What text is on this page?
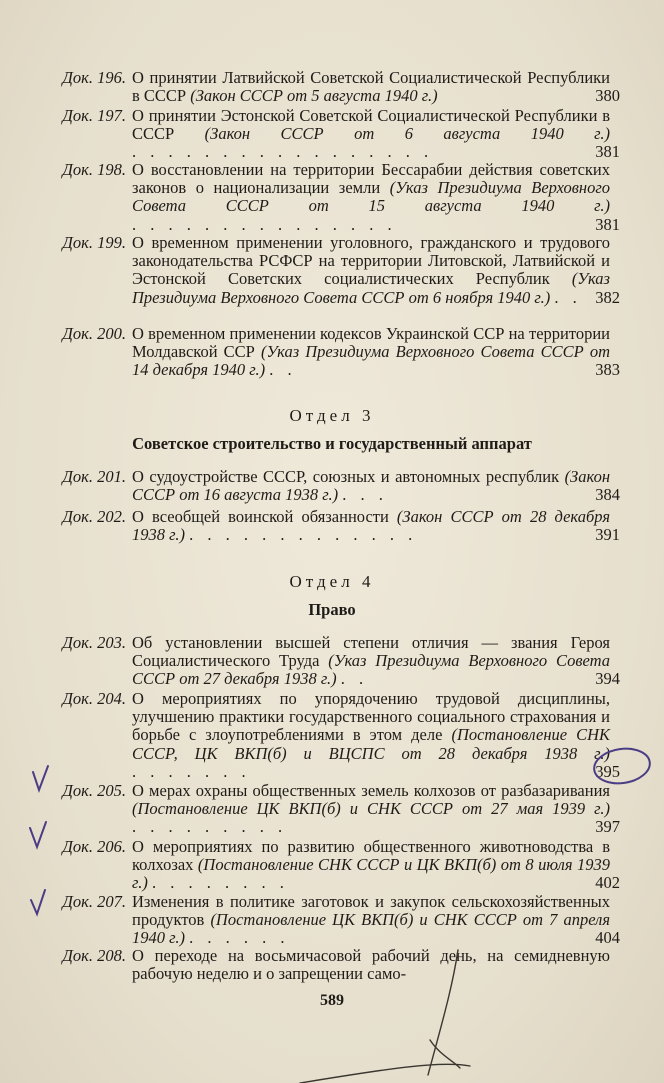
Док. 196. О принятии Латвийской Советской Социалистической Республики в СССР (Закон СССР от 5 августа 1940 г.)	380
Док. 197. О принятии Эстонской Советской Социалистической Республики в СССР (Закон СССР от 6 августа 1940 г.) . . . . . . . . . . . . . . . . .	381
Док. 198. О восстановлении на территории Бессарабии действия советских законов о национализации земли (Указ Президиума Верховного Совета СССР от 15 августа 1940 г.) . . . . . . . . . . . . . . .	381
Док. 199. О временном применении уголовного, гражданского и трудового законодательства РСФСР на территории Литовской, Латвийской и Эстонской Советских социалистических Республик (Указ Президиума Верховного Совета СССР от 6 ноября 1940 г.) . . 382
Док. 200. О временном применении кодексов Украинской ССР на территории Молдавской ССР (Указ Президиума Верховного Совета СССР от 14 декабря 1940 г.) . .	383
Отдел 3
Советское строительство и государственный аппарат
Док. 201. О судоустройстве СССР, союзных и автономных республик (Закон СССР от 16 августа 1938 г.) . . .	384
Док. 202. О всеобщей воинской обязанности (Закон СССР от 28 декабря 1938 г.) . . . . . . . . . . . . .	391
Отдел 4
Право
Док. 203. Об установлении высшей степени отличия — звания Героя Социалистического Труда (Указ Президиума Верховного Совета СССР от 27 декабря 1938 г.) . .	394
Док. 204. О мероприятиях по упорядочению трудовой дисциплины, улучшению практики государственного социального страхования и борьбе с злоупотреблениями в этом деле (Постановление СНК СССР, ЦК ВКП(б) и ВЦСПС от 28 декабря 1938 г.) . . . . . . .	395
Док. 205. О мерах охраны общественных земель колхозов от разбазаривания (Постановление ЦК ВКП(б) и СНК СССР от 27 мая 1939 г.) . . . . . . . . .	397
Док. 206. О мероприятиях по развитию общественного животноводства в колхозах (Постановление СНК СССР и ЦК ВКП(б) от 8 июля 1939 г.) . . . . . . . .	402
Док. 207. Изменения в политике заготовок и закупок сельскохозяйственных продуктов (Постановление ЦК ВКП(б) и СНК СССР от 7 апреля 1940 г.) . . . . . .	404
Док. 208. О переходе на восьмичасовой рабочий день, на семидневную рабочую неделю и о запрещении само-
589
